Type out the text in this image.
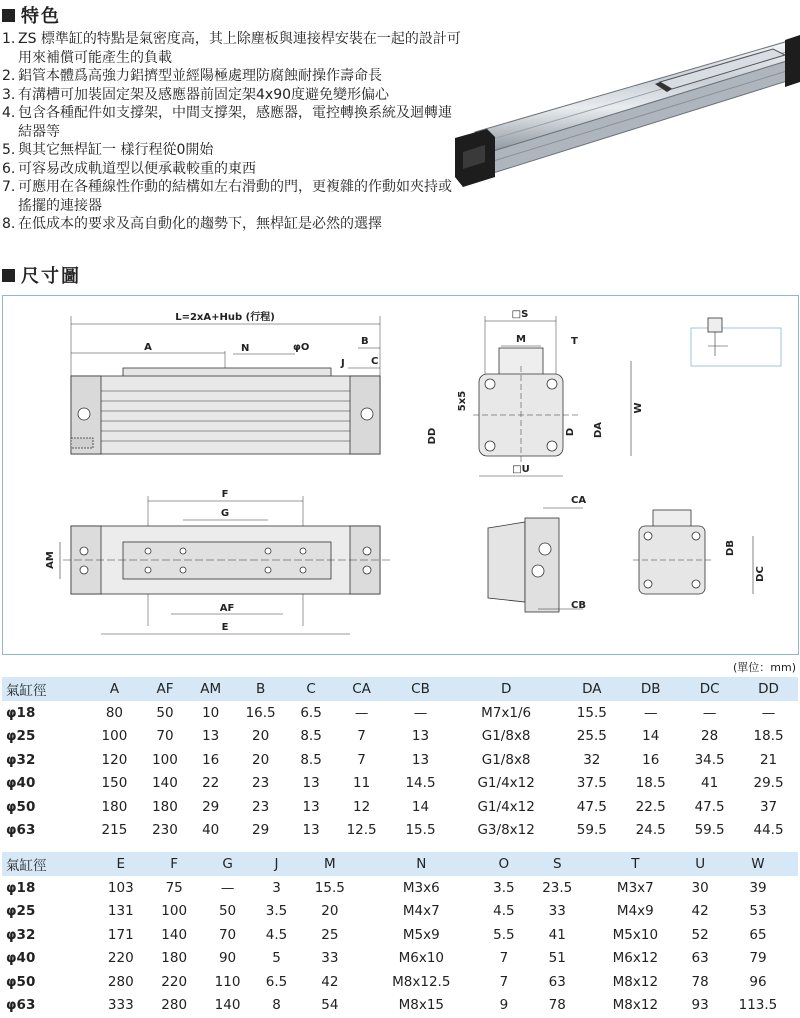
特色
1. ZS 標準缸的特點是氣密度高，其上除塵板與連接桿安裝在一起的設計可用來補償可能產生的負載
2. 鋁管本體爲高強力鋁擠型並經陽極處理防腐蝕耐操作壽命長
3. 有溝槽可加裝固定架及感應器前固定架4x90度避免變形偏心
4. 包含各種配件如支撐架，中間支撐架，感應器，電控轉換系統及迴轉連結器等
5. 與其它無桿缸一 樣行程從0開始
6. 可容易改成軌道型以便承載較重的東西
7. 可應用在各種線性作動的結構如左右滑動的門，更複雜的作動如夾持或搖擺的連接器
8. 在低成本的要求及高自動化的趨勢下，無桿缸是必然的選擇
尺寸圖
L=2xA+Hub (行程)
A	N	φO
B
J	C
□S
M	T
W
5x5
DD	D DA
□U
F
G
AM
AF
E
CA
CB
DB
DC
(單位：mm)
氣缸徑	A	AF	AM	B	C	CA	CB	D	DA	DB	DC	DD
φ18	80	50	10	16.5	6.5	—	—	M7x1/6	15.5	—	—	—
φ25	100	70	13	20	8.5	7	13	G1/8x8	25.5	14	28	18.5
φ32	120	100	16	20	8.5	7	13	G1/8x8	32	16	34.5	21
φ40	150	140	22	23	13	11	14.5	G1/4x12	37.5	18.5	41	29.5
φ50	180	180	29	23	13	12	14	G1/4x12	47.5	22.5	47.5	37
φ63	215	230	40	29	13	12.5	15.5	G3/8x12	59.5	24.5	59.5	44.5
氣缸徑	E	F	G	J	M	N	O	S	T	U	W
φ18	103	75	—	3	15.5	M3x6	3.5	23.5	M3x7	30	39
φ25	131	100	50	3.5	20	M4x7	4.5	33	M4x9	42	53
φ32	171	140	70	4.5	25	M5x9	5.5	41	M5x10	52	65
φ40	220	180	90	5	33	M6x10	7	51	M6x12	63	79
φ50	280	220	110	6.5	42	M8x12.5	7	63	M8x12	78	96
φ63	333	280	140	8	54	M8x15	9	78	M8x12	93	113.5
